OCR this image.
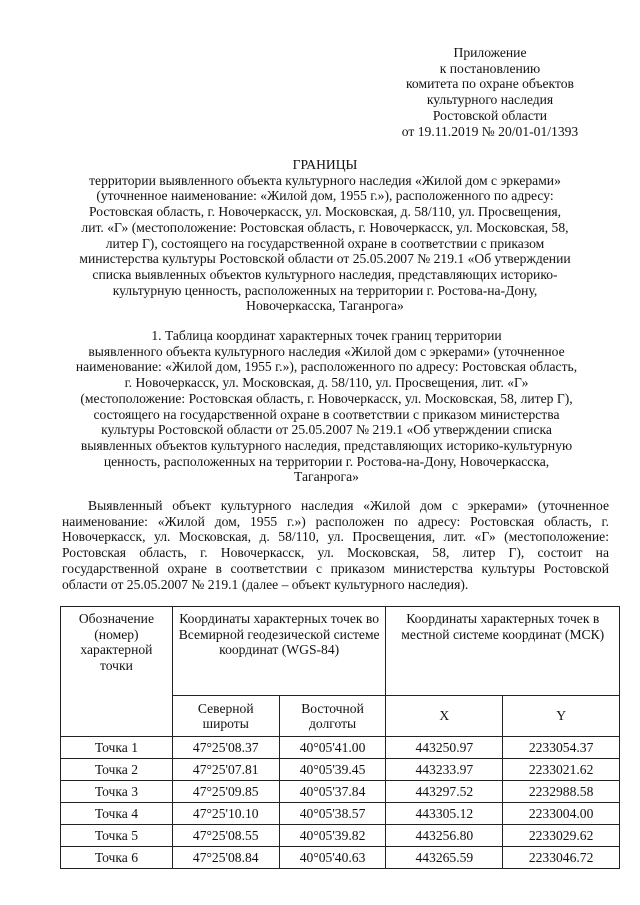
Приложение
к постановлению
комитета по охране объектов
культурного наследия
Ростовской области
от 19.11.2019 № 20/01-01/1393
ГРАНИЦЫ
территории выявленного объекта культурного наследия «Жилой дом с эркерами»
(уточненное наименование: «Жилой дом, 1955 г.»), расположенного по адресу:
Ростовская область, г. Новочеркасск, ул. Московская, д. 58/110, ул. Просвещения,
лит. «Г» (местоположение: Ростовская область, г. Новочеркасск, ул. Московская, 58,
литер Г), состоящего на государственной охране в соответствии с приказом
министерства культуры Ростовской области от 25.05.2007 № 219.1 «Об утверждении
списка выявленных объектов культурного наследия, представляющих историко-
культурную ценность, расположенных на территории г. Ростова-на-Дону,
Новочеркасска, Таганрога»
1. Таблица координат характерных точек границ территории
выявленного объекта культурного наследия «Жилой дом с эркерами» (уточненное
наименование: «Жилой дом, 1955 г.»), расположенного по адресу: Ростовская область,
г. Новочеркасск, ул. Московская, д. 58/110, ул. Просвещения, лит. «Г»
(местоположение: Ростовская область, г. Новочеркасск, ул. Московская, 58, литер Г),
состоящего на государственной охране в соответствии с приказом министерства
культуры Ростовской области от 25.05.2007 № 219.1 «Об утверждении списка
выявленных объектов культурного наследия, представляющих историко-культурную
ценность, расположенных на территории г. Ростова-на-Дону, Новочеркасска,
Таганрога»
Выявленный объект культурного наследия «Жилой дом с эркерами» (уточненное наименование: «Жилой дом, 1955 г.») расположен по адресу: Ростовская область, г. Новочеркасск, ул. Московская, д. 58/110, ул. Просвещения, лит. «Г» (местоположение: Ростовская область, г. Новочеркасск, ул. Московская, 58, литер Г), состоит на государственной охране в соответствии с приказом министерства культуры Ростовской области от 25.05.2007 № 219.1 (далее – объект культурного наследия).
Обозначение (номер) характерной точки	Координаты характерных точек во Всемирной геодезической системе координат (WGS-84)		Координаты характерных точек в местной системе координат (МСК)	
	Северной широты	Восточной долготы	X	Y
Точка 1	47°25'08.37	40°05'41.00	443250.97	2233054.37
Точка 2	47°25'07.81	40°05'39.45	443233.97	2233021.62
Точка 3	47°25'09.85	40°05'37.84	443297.52	2232988.58
Точка 4	47°25'10.10	40°05'38.57	443305.12	2233004.00
Точка 5	47°25'08.55	40°05'39.82	443256.80	2233029.62
Точка 6	47°25'08.84	40°05'40.63	443265.59	2233046.72
